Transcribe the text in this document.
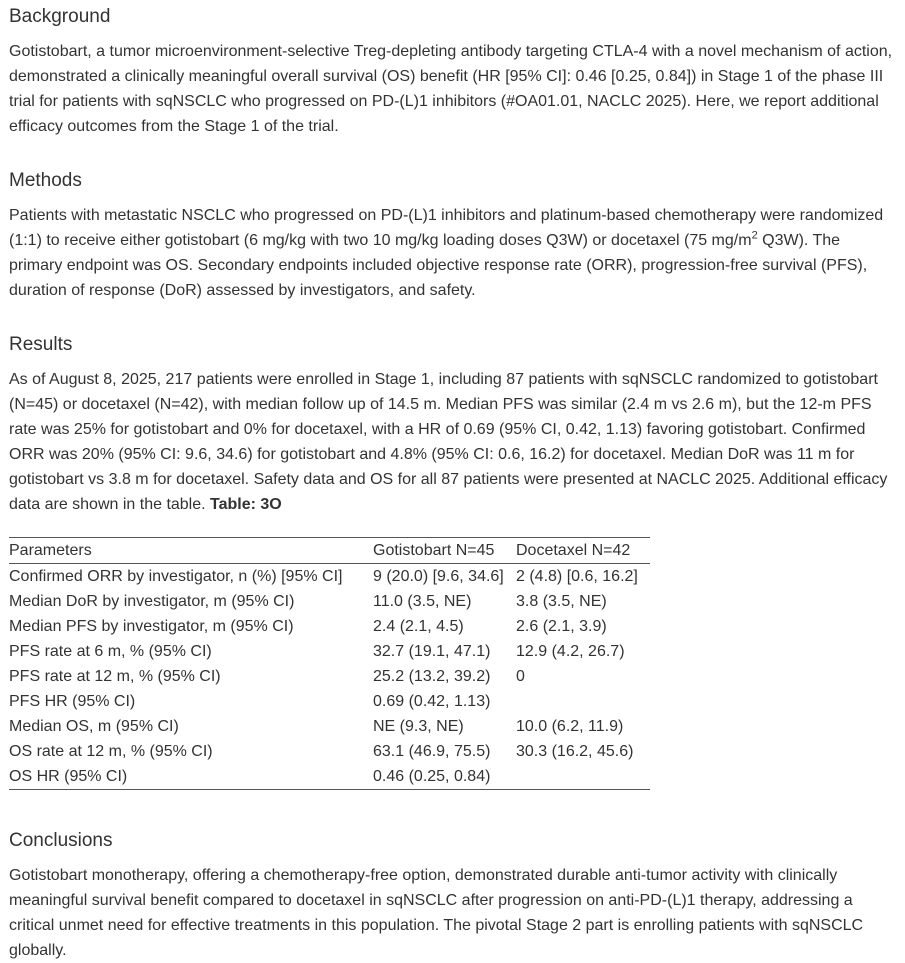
Background

Gotistobart, a tumor microenvironment-selective Treg-depleting antibody targeting CTLA-4 with a novel mechanism of action, demonstrated a clinically meaningful overall survival (OS) benefit (HR [95% CI]: 0.46 [0.25, 0.84]) in Stage 1 of the phase III trial for patients with sqNSCLC who progressed on PD-(L)1 inhibitors (#OA01.01, NACLC 2025). Here, we report additional efficacy outcomes from the Stage 1 of the trial.

Methods

Patients with metastatic NSCLC who progressed on PD-(L)1 inhibitors and platinum-based chemotherapy were randomized (1:1) to receive either gotistobart (6 mg/kg with two 10 mg/kg loading doses Q3W) or docetaxel (75 $mg/m^2$ Q3W). The primary endpoint was OS. Secondary endpoints included objective response rate (ORR), progression-free survival (PFS), duration of response (DoR) assessed by investigators, and safety.

Results

As of August 8, 2025, 217 patients were enrolled in Stage 1, including 87 patients with sqNSCLC randomized to gotistobart (N=45) or docetaxel (N=42), with median follow up of 14.5 m. Median PFS was similar (2.4 m vs 2.6 m), but the 12-m PFS rate was 25% for gotistobart and 0% for docetaxel, with a HR of 0.69 (95% CI, 0.42, 1.13) favoring gotistobart. Confirmed ORR was 20% (95% CI: 9.6, 34.6) for gotistobart and 4.8% (95% CI: 0.6, 16.2) for docetaxel. Median DoR was 11 m for gotistobart vs 3.8 m for docetaxel. Safety data and OS for all 87 patients were presented at NACLC 2025. Additional efficacy data are shown in the table. Table: 3O

Parameters	Gotistobart N=45	Docetaxel N=42
Confirmed ORR by investigator, n (%) [95% CI]	9 (20.0) [9.6, 34.6]	2 (4.8) [0.6, 16.2]
Median DoR by investigator, m (95% CI)	11.0 (3.5, NE)	3.8 (3.5, NE)
Median PFS by investigator, m (95% CI)	2.4 (2.1, 4.5)	2.6 (2.1, 3.9)
PFS rate at 6 m, % (95% CI)	32.7 (19.1, 47.1)	12.9 (4.2, 26.7)
PFS rate at 12 m, % (95% CI)	25.2 (13.2, 39.2)	0
PFS HR (95% CI)	0.69 (0.42, 1.13)	
Median OS, m (95% CI)	NE (9.3, NE)	10.0 (6.2, 11.9)
OS rate at 12 m, % (95% CI)	63.1 (46.9, 75.5)	30.3 (16.2, 45.6)
OS HR (95% CI)	0.46 (0.25, 0.84)	
Conclusions

Gotistobart monotherapy, offering a chemotherapy-free option, demonstrated durable anti-tumor activity with clinically meaningful survival benefit compared to docetaxel in sqNSCLC after progression on anti-PD-(L)1 therapy, addressing a critical unmet need for effective treatments in this population. The pivotal Stage 2 part is enrolling patients with sqNSCLC globally.
